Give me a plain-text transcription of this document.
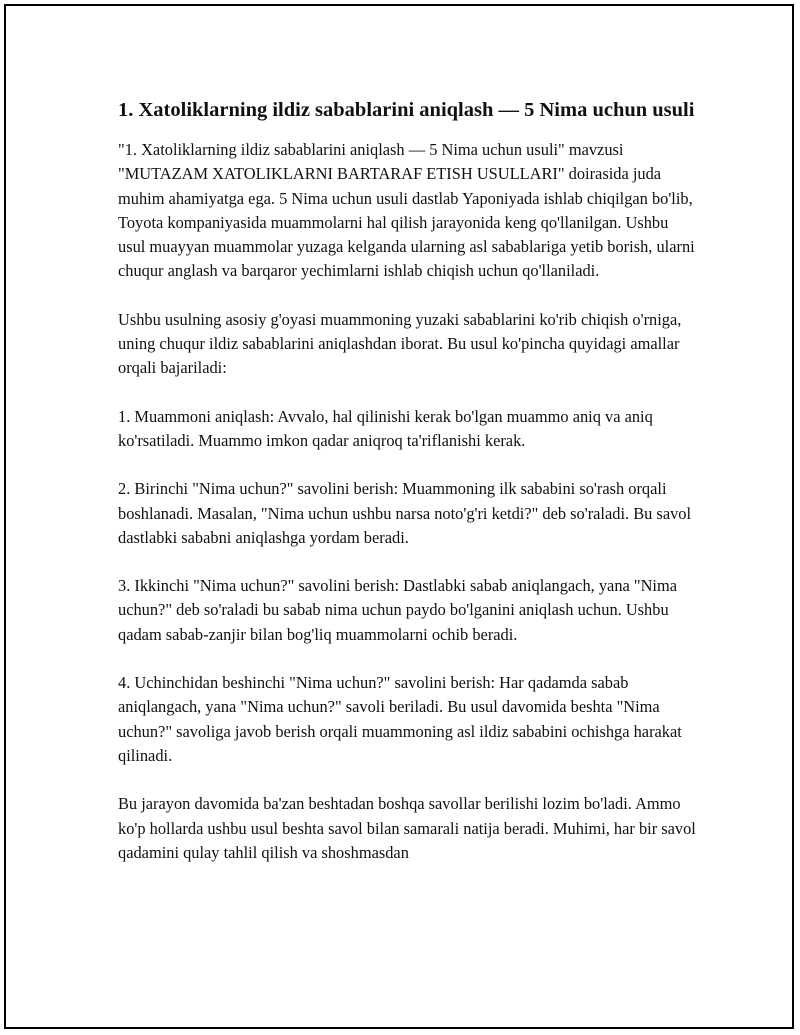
1. Xatoliklarning ildiz sabablarini aniqlash — 5 Nima uchun usuli

"1. Xatoliklarning ildiz sabablarini aniqlash — 5 Nima uchun usuli" mavzusi "MUTAZAM XATOLIKLARNI BARTARAF ETISH USULLARI" doirasida juda muhim ahamiyatga ega. 5 Nima uchun usuli dastlab Yaponiyada ishlab chiqilgan bo'lib, Toyota kompaniyasida muammolarni hal qilish jarayonida keng qo'llanilgan. Ushbu usul muayyan muammolar yuzaga kelganda ularning asl sabablariga yetib borish, ularni chuqur anglash va barqaror yechimlarni ishlab chiqish uchun qo'llaniladi.

Ushbu usulning asosiy g'oyasi muammoning yuzaki sabablarini ko'rib chiqish o'rniga, uning chuqur ildiz sabablarini aniqlashdan iborat. Bu usul ko'pincha quyidagi amallar orqali bajariladi:

1. Muammoni aniqlash: Avvalo, hal qilinishi kerak bo'lgan muammo aniq va aniq ko'rsatiladi. Muammo imkon qadar aniqroq ta'riflanishi kerak.

2. Birinchi "Nima uchun?" savolini berish: Muammoning ilk sababini so'rash orqali boshlanadi. Masalan, "Nima uchun ushbu narsa noto'g'ri ketdi?" deb so'raladi. Bu savol dastlabki sababni aniqlashga yordam beradi.

3. Ikkinchi "Nima uchun?" savolini berish: Dastlabki sabab aniqlangach, yana "Nima uchun?" deb so'raladi bu sabab nima uchun paydo bo'lganini aniqlash uchun. Ushbu qadam sabab-zanjir bilan bog'liq muammolarni ochib beradi.

4. Uchinchidan beshinchi "Nima uchun?" savolini berish: Har qadamda sabab aniqlangach, yana "Nima uchun?" savoli beriladi. Bu usul davomida beshta "Nima uchun?" savoliga javob berish orqali muammoning asl ildiz sababini ochishga harakat qilinadi.

Bu jarayon davomida ba'zan beshtadan boshqa savollar berilishi lozim bo'ladi. Ammo ko'p hollarda ushbu usul beshta savol bilan samarali natija beradi. Muhimi, har bir savol qadamini qulay tahlil qilish va shoshmasdan
